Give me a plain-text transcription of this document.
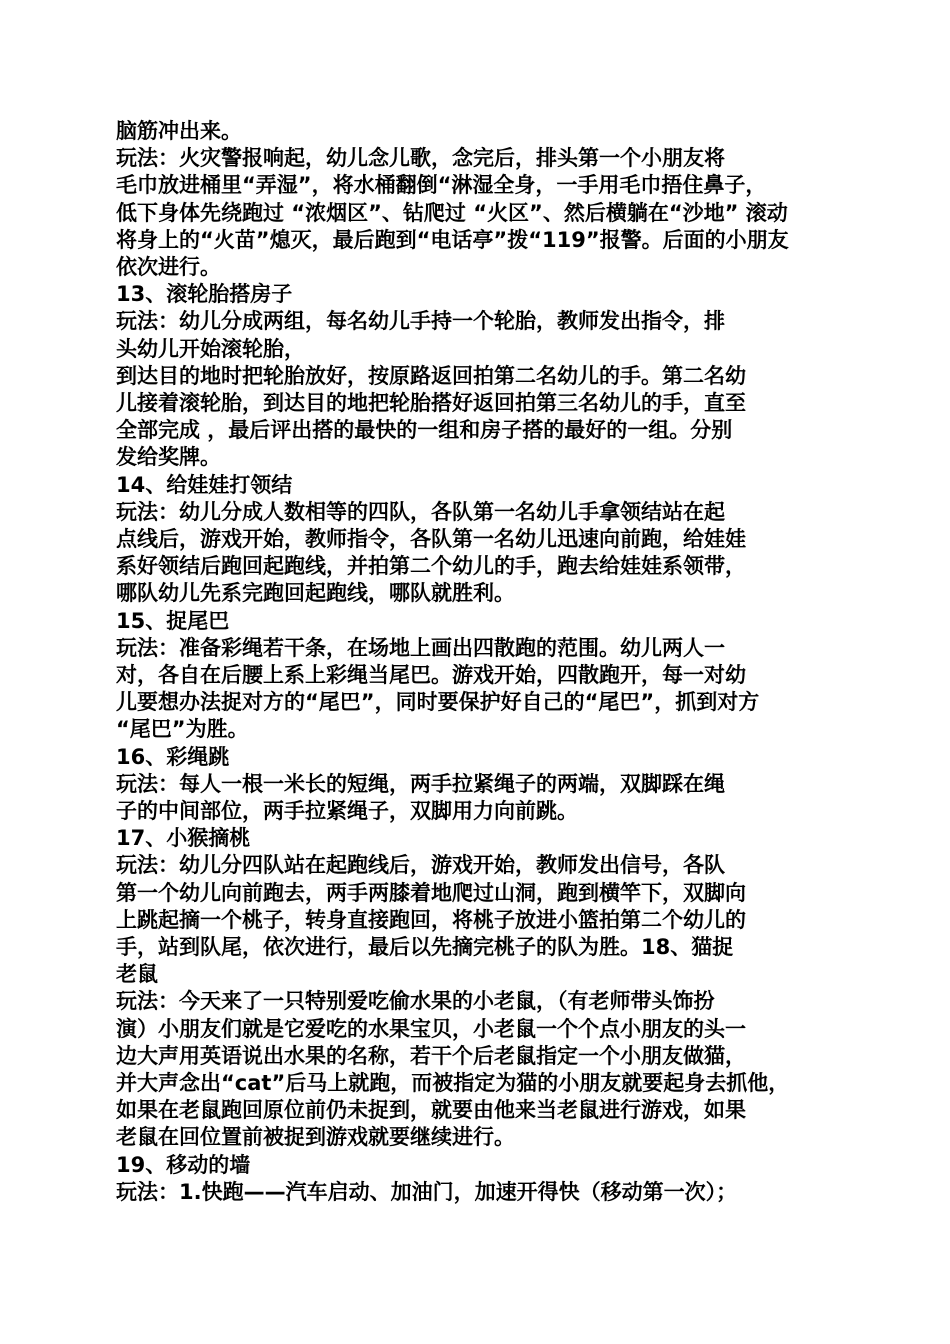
脑筋冲出来。
玩法：火灾警报响起，幼儿念儿歌，念完后，排头第一个小朋友将
毛巾放进桶里“弄湿”，将水桶翻倒“淋湿全身，一手用毛巾捂住鼻子，
低下身体先绕跑过 “浓烟区”、钻爬过 “火区”、然后横躺在“沙地” 滚动
将身上的“火苗”熄灭，最后跑到“电话亭”拨“119”报警。后面的小朋友
依次进行。
13、滚轮胎搭房子
玩法：幼儿分成两组，每名幼儿手持一个轮胎，教师发出指令，排
头幼儿开始滚轮胎，
到达目的地时把轮胎放好，按原路返回拍第二名幼儿的手。第二名幼
儿接着滚轮胎，到达目的地把轮胎搭好返回拍第三名幼儿的手，直至
全部完成 ，最后评出搭的最快的一组和房子搭的最好的一组。分别
发给奖牌。
14、给娃娃打领结
玩法：幼儿分成人数相等的四队，各队第一名幼儿手拿领结站在起
点线后，游戏开始，教师指令，各队第一名幼儿迅速向前跑，给娃娃
系好领结后跑回起跑线，并拍第二个幼儿的手，跑去给娃娃系领带，
哪队幼儿先系完跑回起跑线，哪队就胜利。
15、捉尾巴
玩法：准备彩绳若干条，在场地上画出四散跑的范围。幼儿两人一
对，各自在后腰上系上彩绳当尾巴。游戏开始，四散跑开，每一对幼
儿要想办法捉对方的“尾巴”，同时要保护好自己的“尾巴”，抓到对方
“尾巴”为胜。
16、彩绳跳
玩法：每人一根一米长的短绳，两手拉紧绳子的两端，双脚踩在绳
子的中间部位，两手拉紧绳子，双脚用力向前跳。
17、小猴摘桃
玩法：幼儿分四队站在起跑线后，游戏开始，教师发出信号，各队
第一个幼儿向前跑去，两手两膝着地爬过山洞，跑到横竿下，双脚向
上跳起摘一个桃子，转身直接跑回，将桃子放进小篮拍第二个幼儿的
手，站到队尾，依次进行，最后以先摘完桃子的队为胜。18、猫捉
老鼠
玩法：今天来了一只特别爱吃偷水果的小老鼠，（有老师带头饰扮
演）小朋友们就是它爱吃的水果宝贝，小老鼠一个个点小朋友的头一
边大声用英语说出水果的名称，若干个后老鼠指定一个小朋友做猫，
并大声念出“cat”后马上就跑，而被指定为猫的小朋友就要起身去抓他，
如果在老鼠跑回原位前仍未捉到，就要由他来当老鼠进行游戏，如果
老鼠在回位置前被捉到游戏就要继续进行。
19、移动的墙
玩法：1.快跑——汽车启动、加油门，加速开得快（移动第一次）；
